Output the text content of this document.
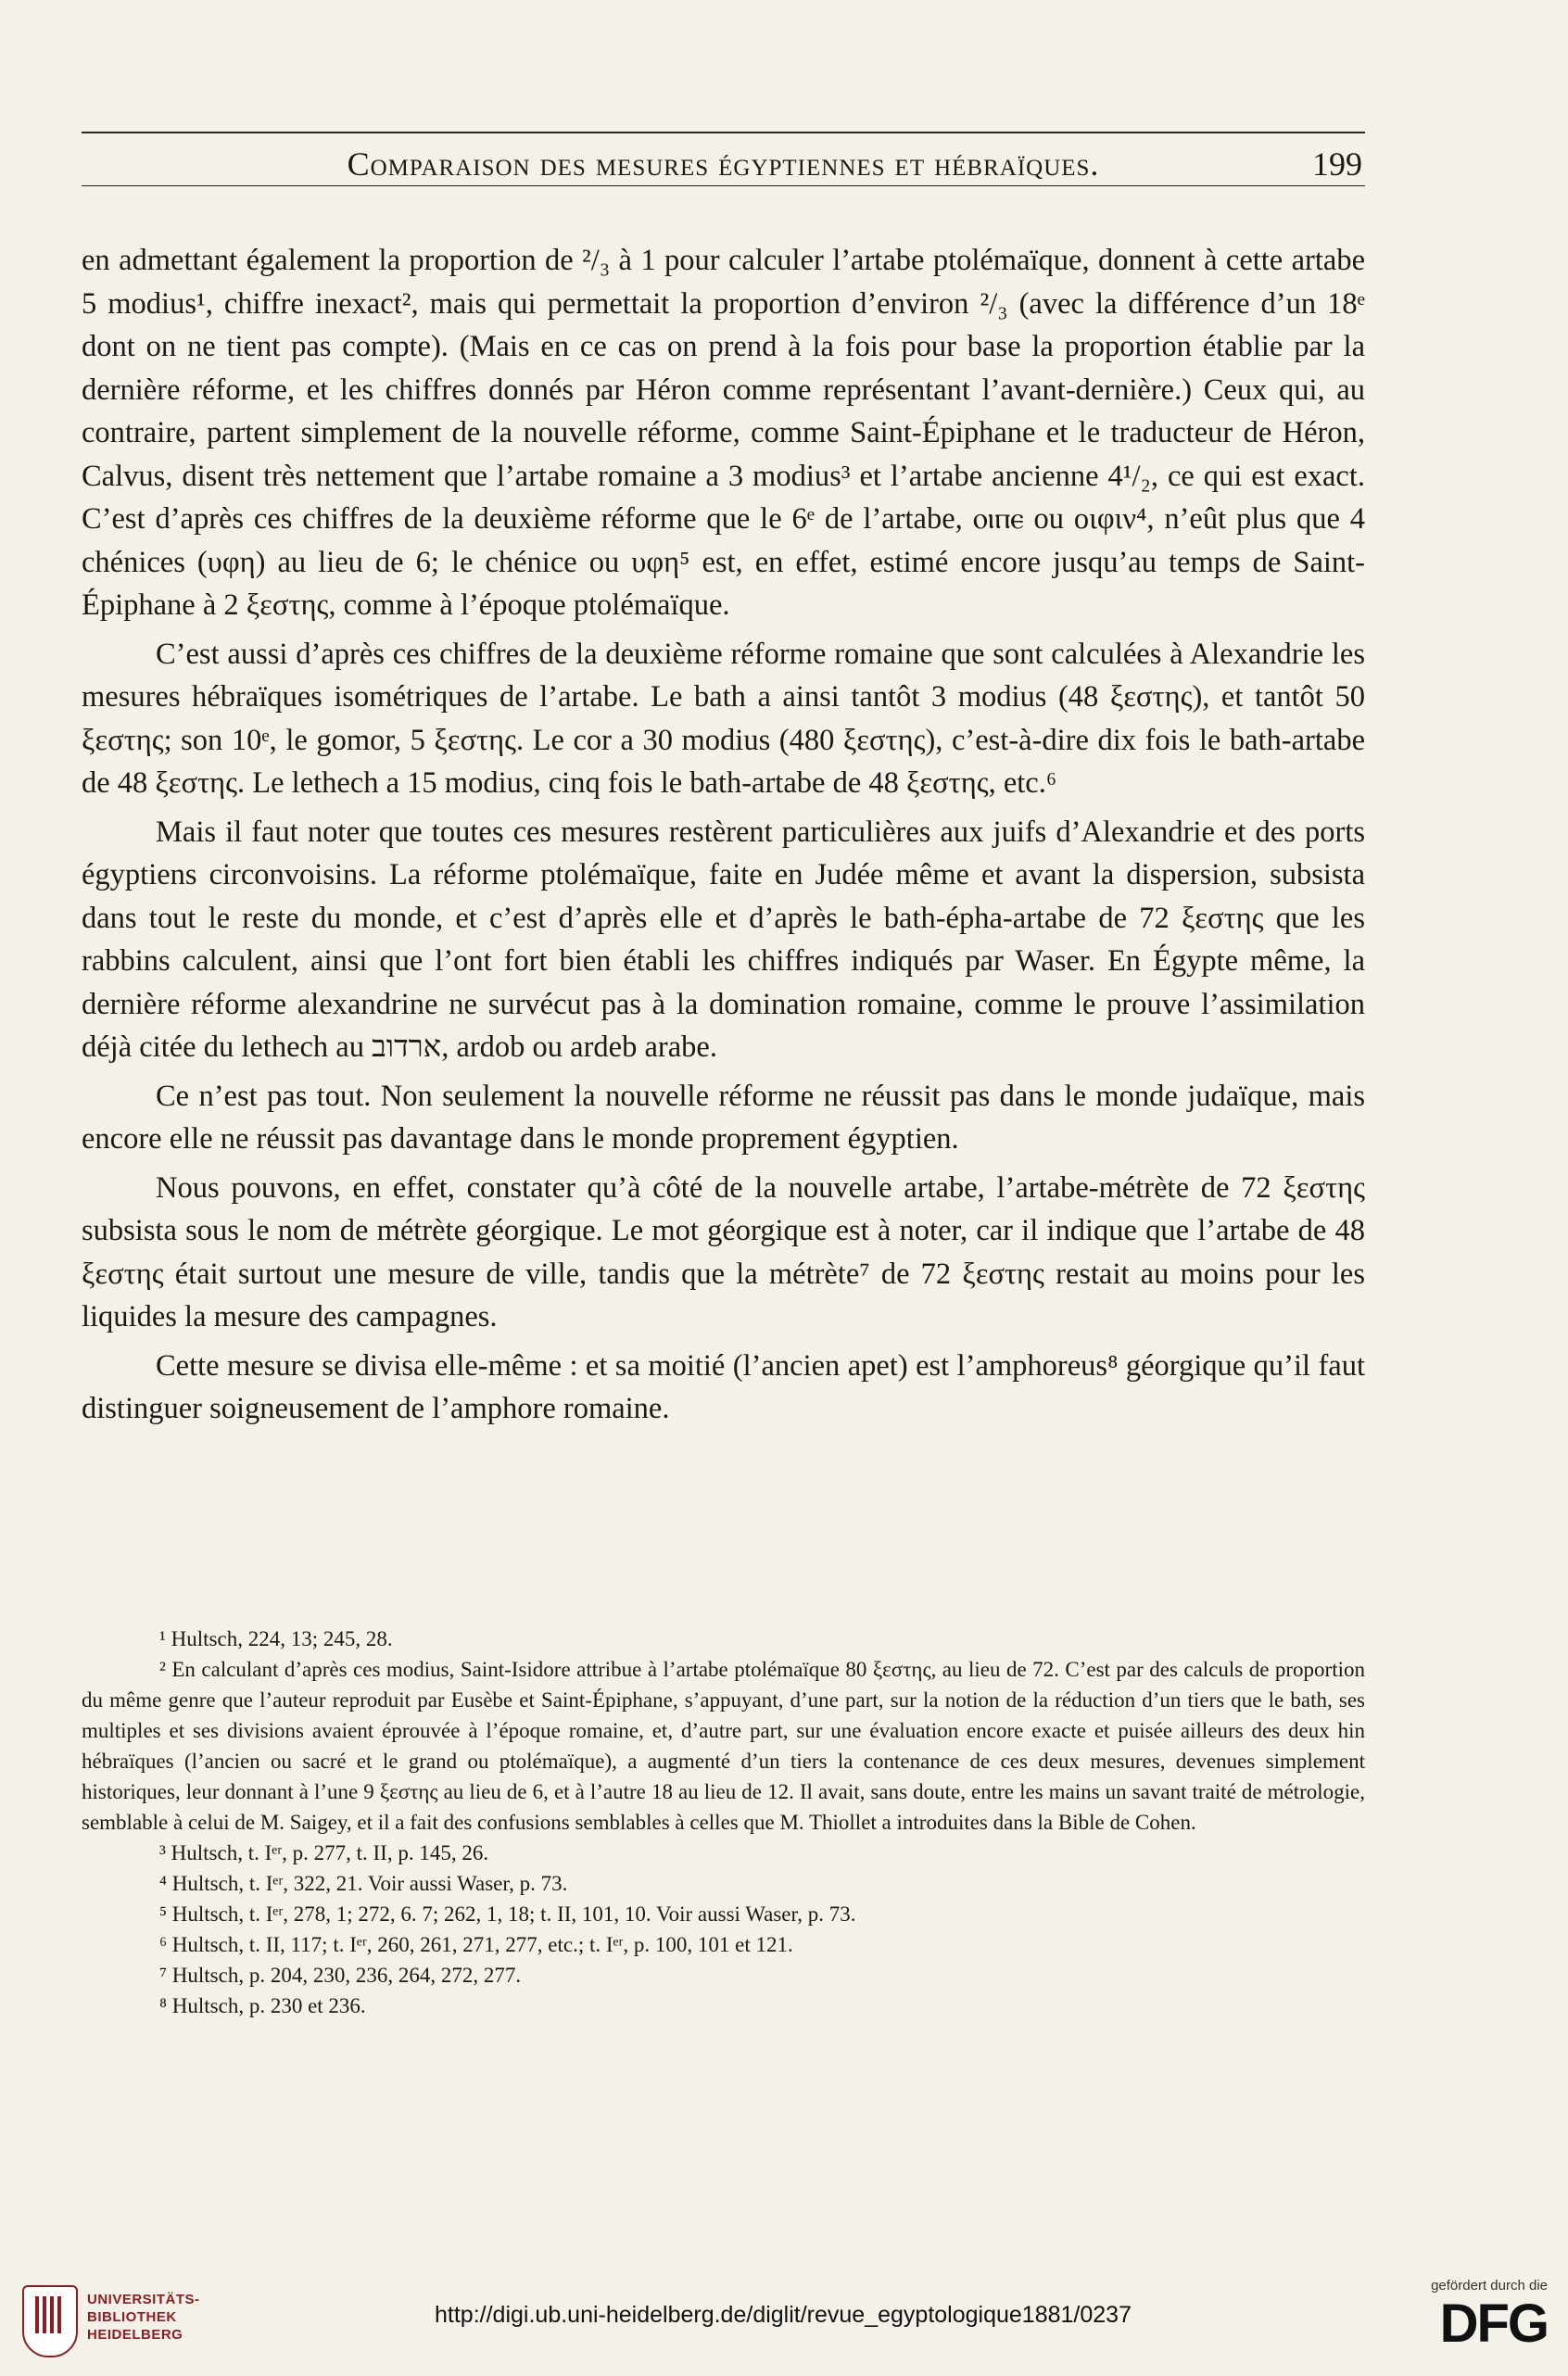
Comparaison des mesures égyptiennes et hébraïques.	199

en admettant également la proportion de ²/₃ à 1 pour calculer l’artabe ptolémaïque, donnent à cette artabe 5 modius¹, chiffre inexact², mais qui permettait la proportion d’environ ²/₃ (avec la différence d’un 18ᵉ dont on ne tient pas compte). (Mais en ce cas on prend à la fois pour base la proportion établie par la dernière réforme, et les chiffres donnés par Héron comme représentant l’avant-dernière.) Ceux qui, au contraire, partent simplement de la nouvelle réforme, comme Saint-Épiphane et le traducteur de Héron, Calvus, disent très nettement que l’artabe romaine a 3 modius³ et l’artabe ancienne 4¹/₂, ce qui est exact. C’est d’après ces chiffres de la deuxième réforme que le 6ᵉ de l’artabe, ⲟⲓⲡⲉ ou οιφιν⁴, n’eût plus que 4 chénices (υφη) au lieu de 6; le chénice ou υφη⁵ est, en effet, estimé encore jusqu’au temps de Saint-Épiphane à 2 ξεστης, comme à l’époque ptolémaïque.

C’est aussi d’après ces chiffres de la deuxième réforme romaine que sont calculées à Alexandrie les mesures hébraïques isométriques de l’artabe. Le bath a ainsi tantôt 3 modius (48 ξεστης), et tantôt 50 ξεστης; son 10ᵉ, le gomor, 5 ξεστης. Le cor a 30 modius (480 ξεστης), c’est-à-dire dix fois le bath-artabe de 48 ξεστης. Le lethech a 15 modius, cinq fois le bath-artabe de 48 ξεστης, etc.⁶

Mais il faut noter que toutes ces mesures restèrent particulières aux juifs d’Alexandrie et des ports égyptiens circonvoisins. La réforme ptolémaïque, faite en Judée même et avant la dispersion, subsista dans tout le reste du monde, et c’est d’après elle et d’après le bath-épha-artabe de 72 ξεστης que les rabbins calculent, ainsi que l’ont fort bien établi les chiffres indiqués par Waser. En Égypte même, la dernière réforme alexandrine ne survécut pas à la domination romaine, comme le prouve l’assimilation déjà citée du lethech au ארדוב, ardob ou ardeb arabe.

Ce n’est pas tout. Non seulement la nouvelle réforme ne réussit pas dans le monde judaïque, mais encore elle ne réussit pas davantage dans le monde proprement égyptien.

Nous pouvons, en effet, constater qu’à côté de la nouvelle artabe, l’artabe-métrète de 72 ξεστης subsista sous le nom de métrète géorgique. Le mot géorgique est à noter, car il indique que l’artabe de 48 ξεστης était surtout une mesure de ville, tandis que la métrète⁷ de 72 ξεστης restait au moins pour les liquides la mesure des campagnes.

Cette mesure se divisa elle-même : et sa moitié (l’ancien apet) est l’amphoreus⁸ géorgique qu’il faut distinguer soigneusement de l’amphore romaine.

¹ Hultsch, 224, 13; 245, 28.

² En calculant d’après ces modius, Saint-Isidore attribue à l’artabe ptolémaïque 80 ξεστης, au lieu de 72. C’est par des calculs de proportion du même genre que l’auteur reproduit par Eusèbe et Saint-Épiphane, s’appuyant, d’une part, sur la notion de la réduction d’un tiers que le bath, ses multiples et ses divisions avaient éprouvée à l’époque romaine, et, d’autre part, sur une évaluation encore exacte et puisée ailleurs des deux hin hébraïques (l’ancien ou sacré et le grand ou ptolémaïque), a augmenté d’un tiers la contenance de ces deux mesures, devenues simplement historiques, leur donnant à l’une 9 ξεστης au lieu de 6, et à l’autre 18 au lieu de 12. Il avait, sans doute, entre les mains un savant traité de métrologie, semblable à celui de M. Saigey, et il a fait des confusions semblables à celles que M. Thiollet a introduites dans la Bible de Cohen.

³ Hultsch, t. Iᵉʳ, p. 277, t. II, p. 145, 26.

⁴ Hultsch, t. Iᵉʳ, 322, 21. Voir aussi Waser, p. 73.

⁵ Hultsch, t. Iᵉʳ, 278, 1; 272, 6. 7; 262, 1, 18; t. II, 101, 10. Voir aussi Waser, p. 73.

⁶ Hultsch, t. II, 117; t. Iᵉʳ, 260, 261, 271, 277, etc.; t. Iᵉʳ, p. 100, 101 et 121.

⁷ Hultsch, p. 204, 230, 236, 264, 272, 277.

⁸ Hultsch, p. 230 et 236.

UNIVERSITÄTS-
BIBLIOTHEK
HEIDELBERG
http://digi.ub.uni-heidelberg.de/diglit/revue_egyptologique1881/0237
gefördert durch die
DFG
